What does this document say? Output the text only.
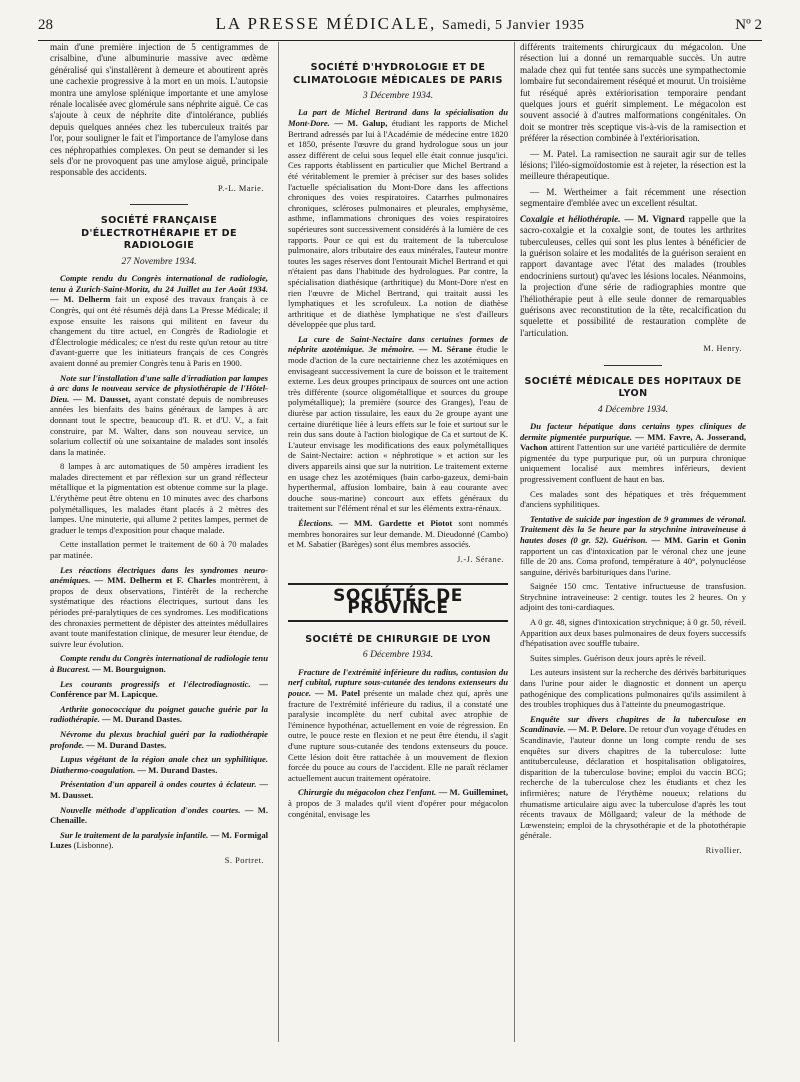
28	LA PRESSE MÉDICALE, Samedi, 5 Janvier 1935	Nº 2

main d'une première injection de 5 centigrammes de crisalbine, d'une albuminurie massive avec œdème généralisé qui s'installèrent à demeure et aboutirent après une cachexie progressive à la mort en un mois. L'autopsie montra une amylose splénique importante et une amylose rénale localisée avec glomérule sans néphrite aiguë. Ce cas s'ajoute à ceux de néphrite dite d'intolérance, publiés depuis quelques années chez les tuberculeux traités par l'or, pour souligner le fait et l'importance de l'amylose dans ces néphropathies complexes. On peut se demander si les sels d'or ne provoquent pas une amylose aiguë, principale responsable des accidents.

P.-L. Marie.
SOCIÉTÉ FRANÇAISE D'ÉLECTROTHÉRAPIE ET DE RADIOLOGIE
27 Novembre 1934.

Compte rendu du Congrès international de radiologie, tenu à Zurich-Saint-Moritz, du 24 Juillet au 1er Août 1934. — M. Delherm fait un exposé des travaux français à ce Congrès, qui ont été résumés déjà dans La Presse Médicale; il expose ensuite les raisons qui militent en faveur du changement du titre actuel, en Congrès de Radiologie et d'Électrologie médicales; ce n'est du reste qu'un retour au titre d'avant-guerre que les initiateurs français de ces Congrès avaient donné au premier Congrès tenu à Paris en 1900.

Note sur l'installation d'une salle d'irradiation par lampes à arc dans le nouveau service de physiothérapie de l'Hôtel-Dieu. — M. Dausset, ayant constaté depuis de nombreuses années les bienfaits des bains généraux de lampes à arc donnant tout le spectre, beaucoup d'I. R. et d'U. V., a fait construire, par M. Walter, dans son nouveau service, un solarium collectif où une soixantaine de malades sont insolés dans la matinée.

8 lampes à arc automatiques de 50 ampères irradient les malades directement et par réflexion sur un grand réflecteur métallique et la pigmentation est obtenue comme sur la plage. L'érythème peut être obtenu en 10 minutes avec des charbons polymétalliques, les malades étant placés à 2 mètres des lampes. Une minuterie, qui allume 2 petites lampes, permet de graduer le temps d'exposition pour chaque malade.

Cette installation permet le traitement de 60 à 70 malades par matinée.

Les réactions électriques dans les syndromes neuro-anémiques. — MM. Delherm et F. Charles montrèrent, à propos de deux observations, l'intérêt de la recherche systématique des réactions électriques, surtout dans les périodes pré-paralytiques de ces syndromes. Les modifications des chronaxies permettent de dépister des atteintes médullaires avant toute manifestation clinique, de mesurer leur étendue, de suivre leur évolution.

Compte rendu du Congrès international de radiologie tenu à Bucarest. — M. Bourguignon.

Les courants progressifs et l'électrodiagnostic. — Conférence par M. Lapicque.

Arthrite gonococcique du poignet gauche guérie par la radiothérapie. — M. Durand Dastes.

Névrome du plexus brachial guéri par la radiothérapie profonde. — M. Durand Dastes.

Lupus végétant de la région anale chez un syphilitique. Diathermo-coagulation. — M. Durand Dastes.

Présentation d'un appareil à ondes courtes à éclateur. — M. Dausset.

Nouvelle méthode d'application d'ondes courtes. — M. Chenaille.

Sur le traitement de la paralysie infantile. — M. Formigal Luzes (Lisbonne).

S. Portret.
SOCIÉTÉ D'HYDROLOGIE ET DE CLIMATOLOGIE MÉDICALES DE PARIS
3 Décembre 1934.

La part de Michel Bertrand dans la spécialisation du Mont-Dore. — M. Galup, étudiant les rapports de Michel Bertrand adressés par lui à l'Académie de médecine entre 1820 et 1850, présente l'œuvre du grand hydrologue sous un jour assez différent de celui sous lequel elle était connue jusqu'ici. Ces rapports établissent en particulier que Michel Bertrand a été véritablement le premier à préciser sur des bases solides l'actuelle spécialisation du Mont-Dore dans les affections chroniques des voies respiratoires. Catarrhes pulmonaires chroniques, scléroses pulmonaires et pleurales, emphysème, asthme, inflammations chroniques des voies respiratoires supérieures sont successivement considérés à la lumière de ces rapports. Pour ce qui est du traitement de la tuberculose pulmonaire, alors tributaire des eaux minérales, l'auteur montre toutes les sages réserves dont l'entourait Michel Bertrand et qui n'étaient pas dans l'habitude des hydrologues. Par contre, la spécialisation diathésique (arthritique) du Mont-Dore n'est en rien l'œuvre de Michel Bertrand, qui traitait aussi les lymphatiques et les scrofuleux. La notion de diathèse arthritique et de diathèse lymphatique ne s'est d'ailleurs développée que plus tard.

La cure de Saint-Nectaire dans certaines formes de néphrite azotémique. 3e mémoire. — M. Sérane étudie le mode d'action de la cure nectairienne chez les azotémiques en envisageant successivement la cure de boisson et le traitement externe. Les deux groupes principaux de sources ont une action très différente (source oligométallique et sources du groupe polymétallique); la première (source des Granges), l'eau de diurèse par action tissulaire, les eaux du 2e groupe ayant une certaine diurétique liée à leurs effets sur le foie et surtout sur le rein dus sans doute à l'action biologique de Ca et surtout de K. L'auteur envisage les modifications des eaux polymétalliques de Saint-Nectaire: action « néphrotique » et action sur les divers appareils ainsi que sur la nutrition. Le traitement externe en usage chez les azotémiques (bain carbo-gazeux, demi-bain hyperthermal, affusion lombaire, bain à eau courante avec douche sous-marine) concourt aux effets généraux du traitement sur l'élément rénal et sur les éléments extra-rénaux.

Élections. — MM. Gardette et Piotot sont nommés membres honoraires sur leur demande. M. Dieudonné (Cambo) et M. Sabatier (Barèges) sont élus membres associés.

J.-J. Sérane.
SOCIÉTÉS DE PROVINCE
SOCIÉTÉ DE CHIRURGIE DE LYON
6 Décembre 1934.

Fracture de l'extrémité inférieure du radius, contusion du nerf cubital, rupture sous-cutanée des tendons extenseurs du pouce. — M. Patel présente un malade chez qui, après une fracture de l'extrémité inférieure du radius, il a constaté une paralysie incomplète du nerf cubital avec atrophie de l'éminence hypothénar, actuellement en voie de régression. En outre, le pouce reste en flexion et ne peut être étendu, il s'agit d'une rupture sous-cutanée des tendons extenseurs du pouce. Cette lésion doit être rattachée à un mouvement de flexion forcée du pouce au cours de l'accident. Elle ne paraît réclamer actuellement aucun traitement opératoire.

Chirurgie du mégacolon chez l'enfant. — M. Guilleminet, à propos de 3 malades qu'il vient d'opérer pour mégacolon congénital, envisage les

différents traitements chirurgicaux du mégacolon. Une résection lui a donné un remarquable succès. Un autre malade chez qui fut tentée sans succès une sympathectomie lombaire fut secondairement réséqué et mourut. Un troisième fut réséqué après extériorisation temporaire pendant quelques jours et guérit simplement. Le mégacolon est souvent associé à d'autres malformations congénitales. On doit se montrer très sceptique vis-à-vis de la ramisection et préférer la résection combinée à l'extériorisation.

— M. Patel. La ramisection ne saurait agir sur de telles lésions; l'iléo-sigmoïdostomie est à rejeter, la résection est la meilleure thérapeutique.

— M. Wertheimer a fait récemment une résection segmentaire d'emblée avec un excellent résultat.

Coxalgie et héliothérapie. — M. Vignard rappelle que la sacro-coxalgie et la coxalgie sont, de toutes les arthrites tuberculeuses, celles qui sont les plus lentes à bénéficier de la guérison solaire et les modalités de la guérison seraient en rapport davantage avec l'état des malades (troubles endocriniens surtout) qu'avec les lésions locales. Néanmoins, la projection d'une série de radiographies montre que l'héliothérapie peut à elle seule donner de remarquables guérisons avec reconstitution de la tête, recalcification du squelette et possibilité de restauration complète de l'articulation.

M. Henry.
SOCIÉTÉ MÉDICALE DES HOPITAUX DE LYON
4 Décembre 1934.

Du facteur hépatique dans certains types cliniques de dermite pigmentée purpurique. — MM. Favre, A. Josserand, Vachon attirent l'attention sur une variété particulière de dermite pigmentée du type purpurique pur, où un purpura chronique uniquement localisé aux membres inférieurs, devient progressivement confluent de haut en bas.

Ces malades sont des hépatiques et très fréquemment d'anciens syphilitiques.

Tentative de suicide par ingestion de 9 grammes de véronal. Traitement dès la 5e heure par la strychnine intraveineuse à hautes doses (0 gr. 52). Guérison. — MM. Garin et Gonin rapportent un cas d'intoxication par le véronal chez une jeune fille de 20 ans. Coma profond, température à 40°, polynucléose sanguine, dérivés barbituriques dans l'urine.

Saignée 150 cmc. Tentative infructueuse de transfusion. Strychnine intraveineuse: 2 centigr. toutes les 2 heures. On y adjoint des toni-cardiaques.

A 0 gr. 48, signes d'intoxication strychnique; à 0 gr. 50, réveil. Apparition aux deux bases pulmonaires de deux foyers successifs d'hépatisation avec souffle tubaire.

Suites simples. Guérison deux jours après le réveil.

Les auteurs insistent sur la recherche des dérivés barbituriques dans l'urine pour aider le diagnostic et donnent un aperçu pathogénique des complications pulmonaires qu'ils assimilent à des troubles trophiques dus à l'atteinte du pneumogastrique.

Enquête sur divers chapitres de la tuberculose en Scandinavie. — M. P. Delore. De retour d'un voyage d'études en Scandinavie, l'auteur donne un long compte rendu de ses enquêtes sur divers chapitres de la tuberculose: lutte antituberculeuse, déclaration et hospitalisation obligatoires, disparition de la tuberculose bovine; emploi du vaccin BCG; recherche de la tuberculose chez les étudiants et chez les infirmières; nature de l'érythème noueux; relations du rhumatisme articulaire aigu avec la tuberculose d'après les tout récents travaux de Möllgaard; valeur de la méthode de Lœwenstein; emploi de la chrysothérapie et de la photothérapie générale.

Rivollier.
